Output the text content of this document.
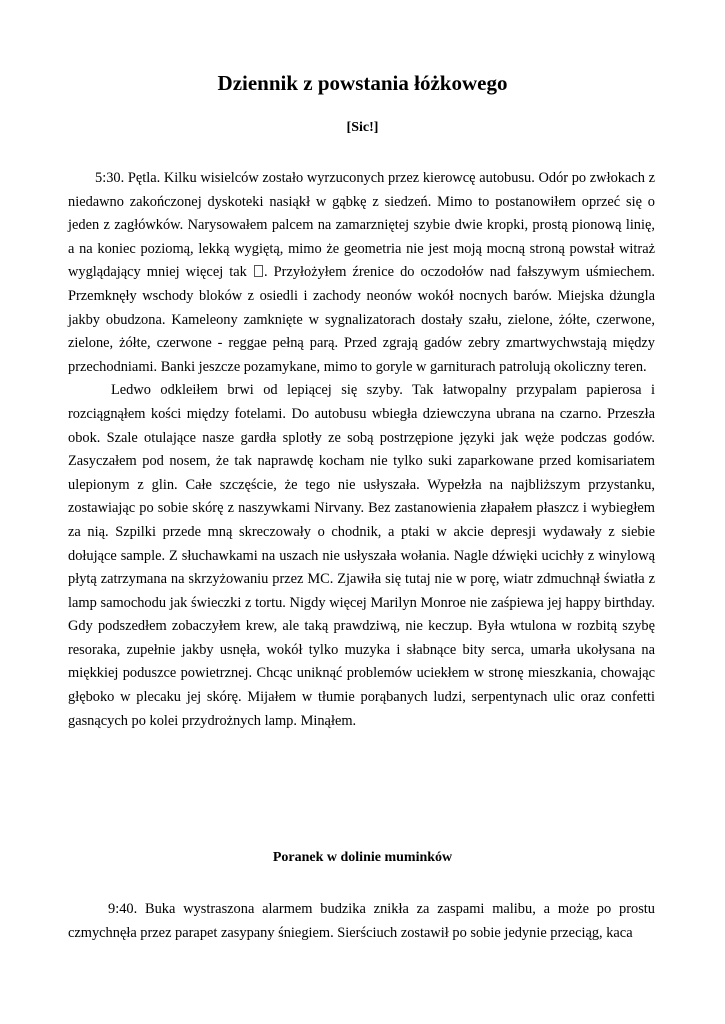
Dziennik z powstania łóżkowego
[Sic!]

5:30. Pętla. Kilku wisielców zostało wyrzuconych przez kierowcę autobusu. Odór po zwłokach z niedawno zakończonej dyskoteki nasiąkł w gąbkę z siedzeń. Mimo to postanowiłem oprzeć się o jeden z zagłówków. Narysowałem palcem na zamarzniętej szybie dwie kropki, prostą pionową linię, a na koniec poziomą, lekką wygiętą, mimo że geometria nie jest moją mocną stroną powstał witraż wyglądający mniej więcej tak . Przyłożyłem źrenice do oczodołów nad fałszywym uśmiechem. Przemknęły wschody bloków z osiedli i zachody neonów wokół nocnych barów. Miejska dżungla jakby obudzona. Kameleony zamknięte w sygnalizatorach dostały szału, zielone, żółte, czerwone, zielone, żółte, czerwone - reggae pełną parą. Przed zgrają gadów zebry zmartwychwstają między przechodniami. Banki jeszcze pozamykane, mimo to goryle w garniturach patrolują okoliczny teren.

Ledwo odkleiłem brwi od lepiącej się szyby. Tak łatwopalny przypalam papierosa i rozciągnąłem kości między fotelami. Do autobusu wbiegła dziewczyna ubrana na czarno. Przeszła obok. Szale otulające nasze gardła splotły ze sobą postrzępione języki jak węże podczas godów. Zasyczałem pod nosem, że tak naprawdę kocham nie tylko suki zaparkowane przed komisariatem ulepionym z glin. Całe szczęście, że tego nie usłyszała. Wypełzła na najbliższym przystanku, zostawiając po sobie skórę z naszywkami Nirvany. Bez zastanowienia złapałem płaszcz i wybiegłem za nią. Szpilki przede mną skreczowały o chodnik, a ptaki w akcie depresji wydawały z siebie dołujące sample. Z słuchawkami na uszach nie usłyszała wołania. Nagle dźwięki ucichły z winylową płytą zatrzymana na skrzyżowaniu przez MC. Zjawiła się tutaj nie w porę, wiatr zdmuchnął światła z lamp samochodu jak świeczki z tortu. Nigdy więcej Marilyn Monroe nie zaśpiewa jej happy birthday. Gdy podszedłem zobaczyłem krew, ale taką prawdziwą, nie keczup. Była wtulona w rozbitą szybę resoraka, zupełnie jakby usnęła, wokół tylko muzyka i słabnące bity serca, umarła ukołysana na miękkiej poduszce powietrznej. Chcąc uniknąć problemów uciekłem w stronę mieszkania, chowając głęboko w plecaku jej skórę. Mijałem w tłumie porąbanych ludzi, serpentynach ulic oraz confetti gasnących po kolei przydrożnych lamp. Minąłem.

Poranek w dolinie muminków

9:40. Buka wystraszona alarmem budzika znikła za zaspami malibu, a może po prostu czmychnęła przez parapet zasypany śniegiem. Sierściuch zostawił po sobie jedynie przeciąg, kaca
